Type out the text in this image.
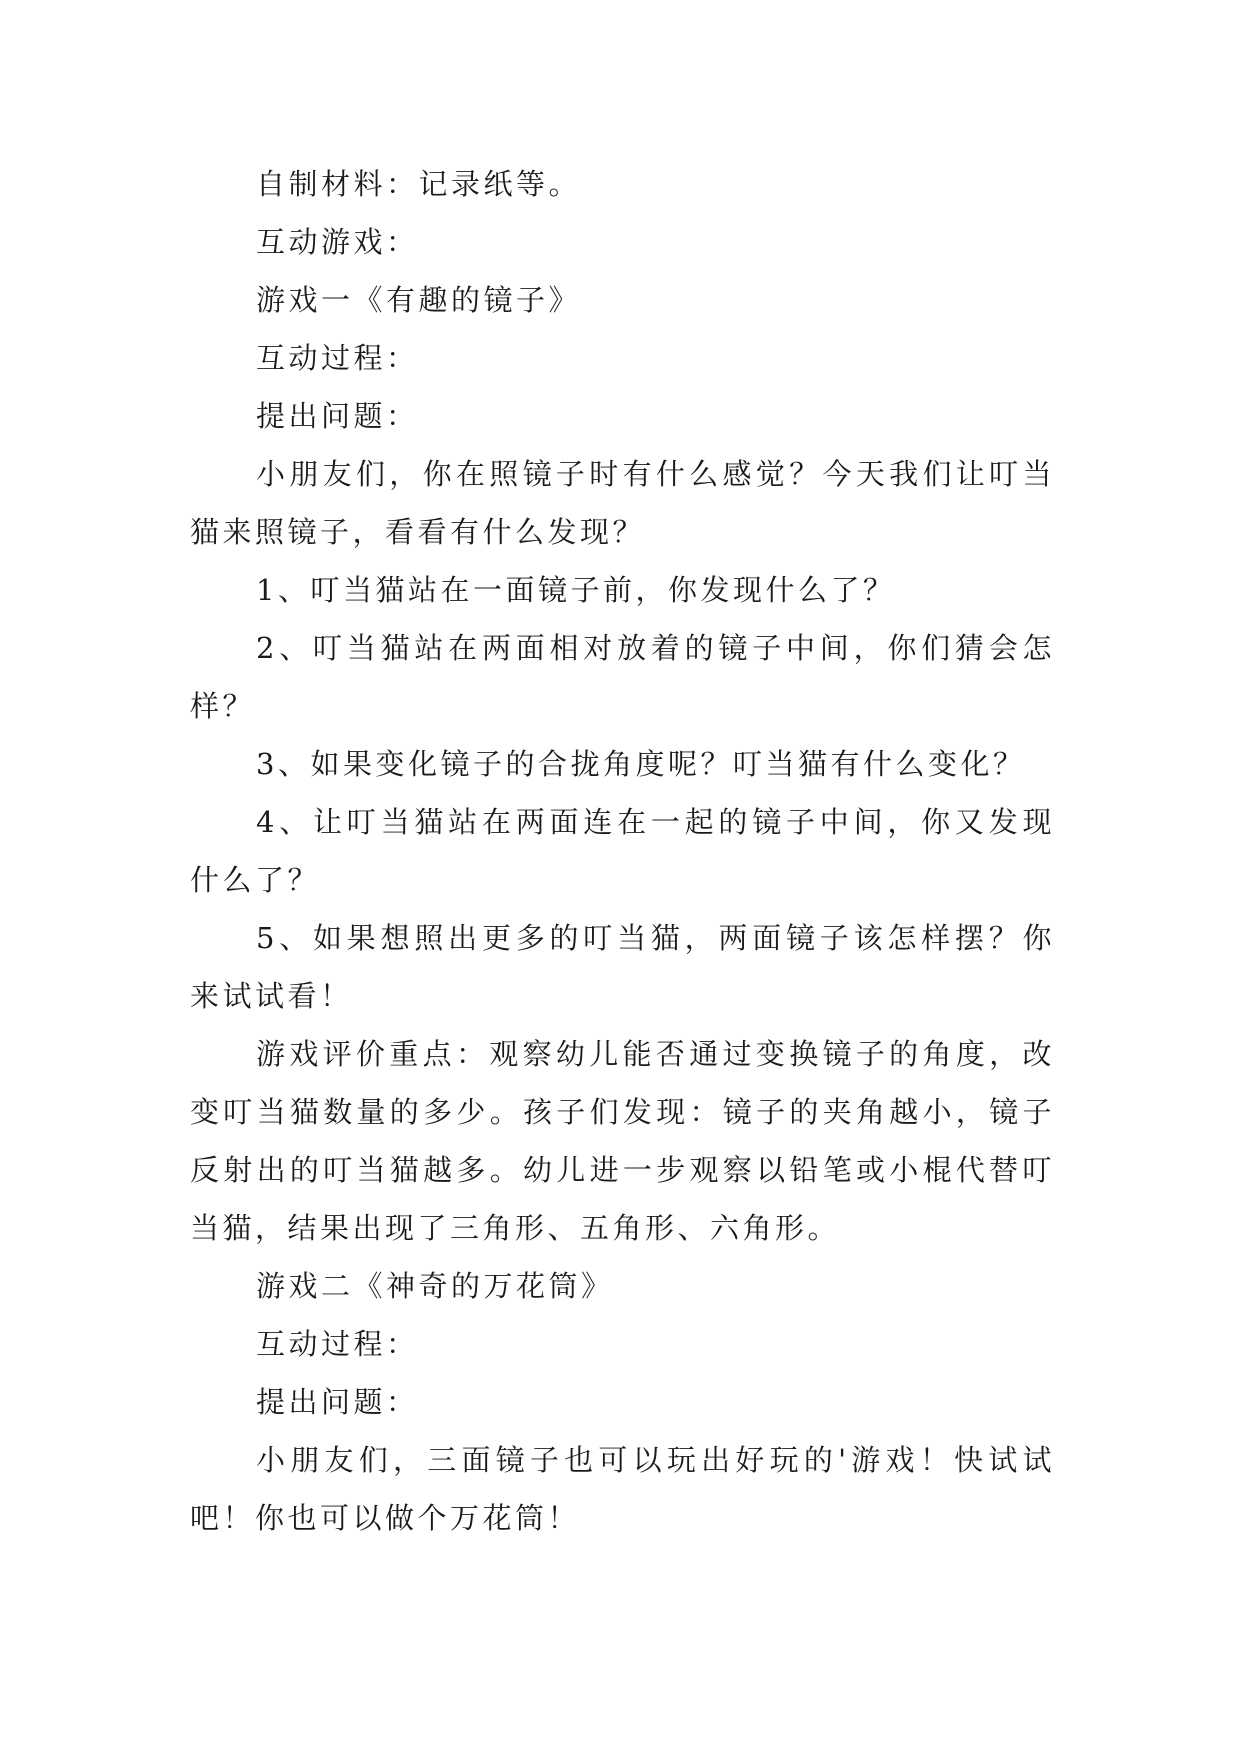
自制材料：记录纸等。

互动游戏：

游戏一《有趣的镜子》

互动过程：

提出问题：

小朋友们，你在照镜子时有什么感觉？今天我们让叮当猫来照镜子，看看有什么发现？

1、叮当猫站在一面镜子前，你发现什么了？

2、叮当猫站在两面相对放着的镜子中间，你们猜会怎样？

3、如果变化镜子的合拢角度呢？叮当猫有什么变化？

4、让叮当猫站在两面连在一起的镜子中间，你又发现什么了？

5、如果想照出更多的叮当猫，两面镜子该怎样摆？你来试试看！

游戏评价重点：观察幼儿能否通过变换镜子的角度，改变叮当猫数量的多少。孩子们发现：镜子的夹角越小，镜子反射出的叮当猫越多。幼儿进一步观察以铅笔或小棍代替叮当猫，结果出现了三角形、五角形、六角形。

游戏二《神奇的万花筒》

互动过程：

提出问题：

小朋友们，三面镜子也可以玩出好玩的'游戏！快试试吧！你也可以做个万花筒！
